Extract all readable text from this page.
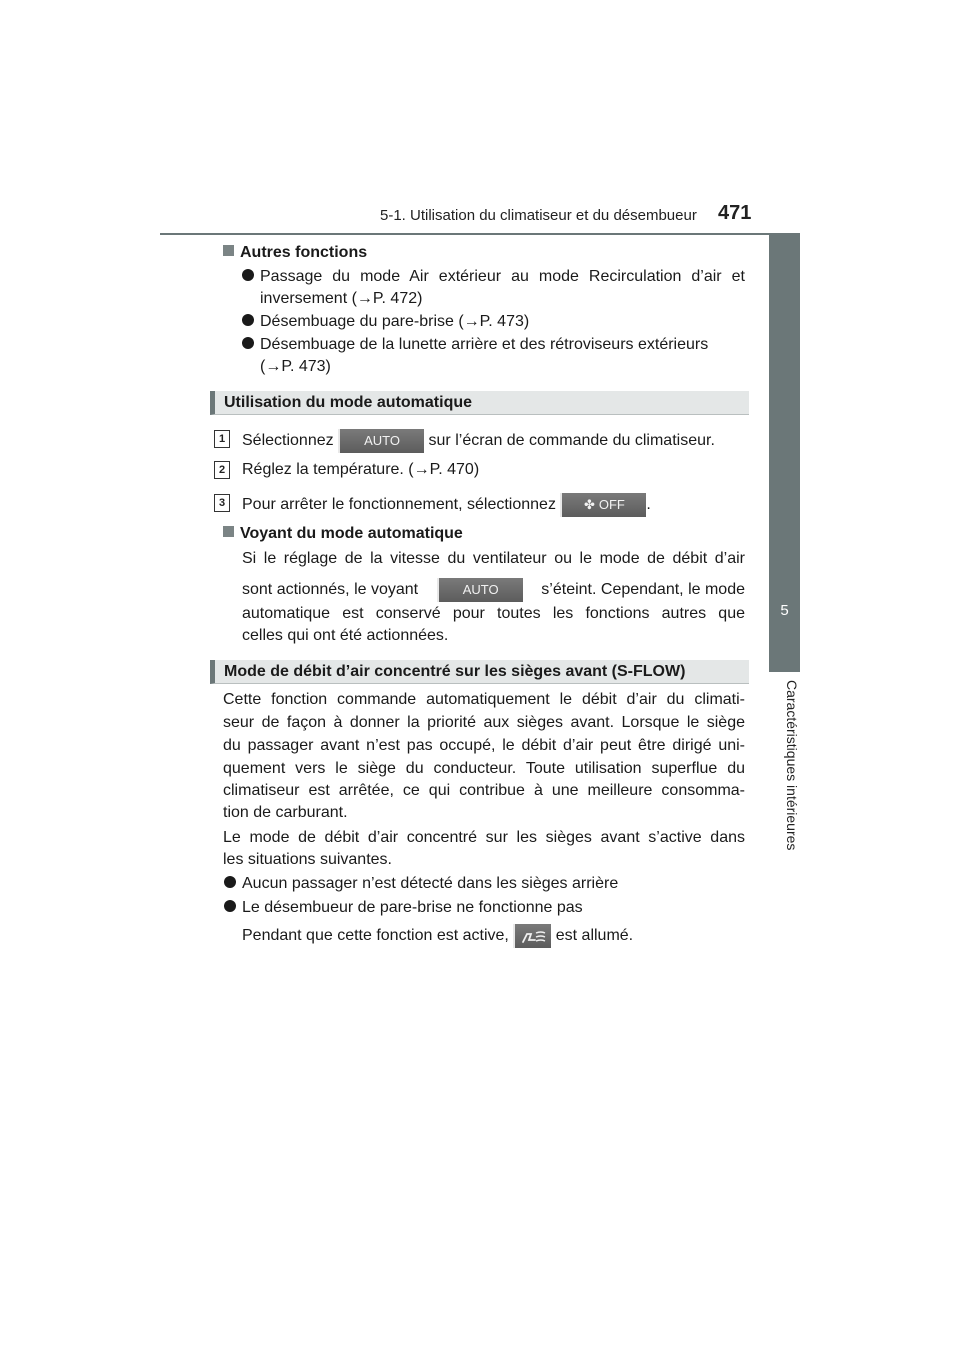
5-1. Utilisation du climatiseur et du désembueur 471
5
Caractéristiques intérieures
Autres fonctions
Passage du mode Air extérieur au mode Recirculation d’air et
inversement (→P. 472)
Désembuage du pare-brise (→P. 473)
Désembuage de la lunette arrière et des rétroviseurs extérieurs
(→P. 473)
Utilisation du mode automatique
1	Sélectionnez AUTO sur l’écran de commande du climatiseur.
2	Réglez la température. (→P. 470)
3	Pour arrêter le fonctionnement, sélectionnez ✤ OFF .
Voyant du mode automatique
Si le réglage de la vitesse du ventilateur ou le mode de débit d’air
sont actionnés, le voyant	AUTO	s’éteint. Cependant, le mode
automatique est conservé pour toutes les fonctions autres que
celles qui ont été actionnées.
Mode de débit d’air concentré sur les sièges avant (S-FLOW)
Cette fonction commande automatiquement le débit d’air du climati-
seur de façon à donner la priorité aux sièges avant. Lorsque le siège
du passager avant n’est pas occupé, le débit d’air peut être dirigé uni-
quement vers le siège du conducteur. Toute utilisation superflue du
climatiseur est arrêtée, ce qui contribue à une meilleure consomma-
tion de carburant.
Le mode de débit d’air concentré sur les sièges avant s’active dans
les situations suivantes.
Aucun passager n’est détecté dans les sièges arrière
Le désembueur de pare-brise ne fonctionne pas
Pendant que cette fonction est active,	est allumé.
